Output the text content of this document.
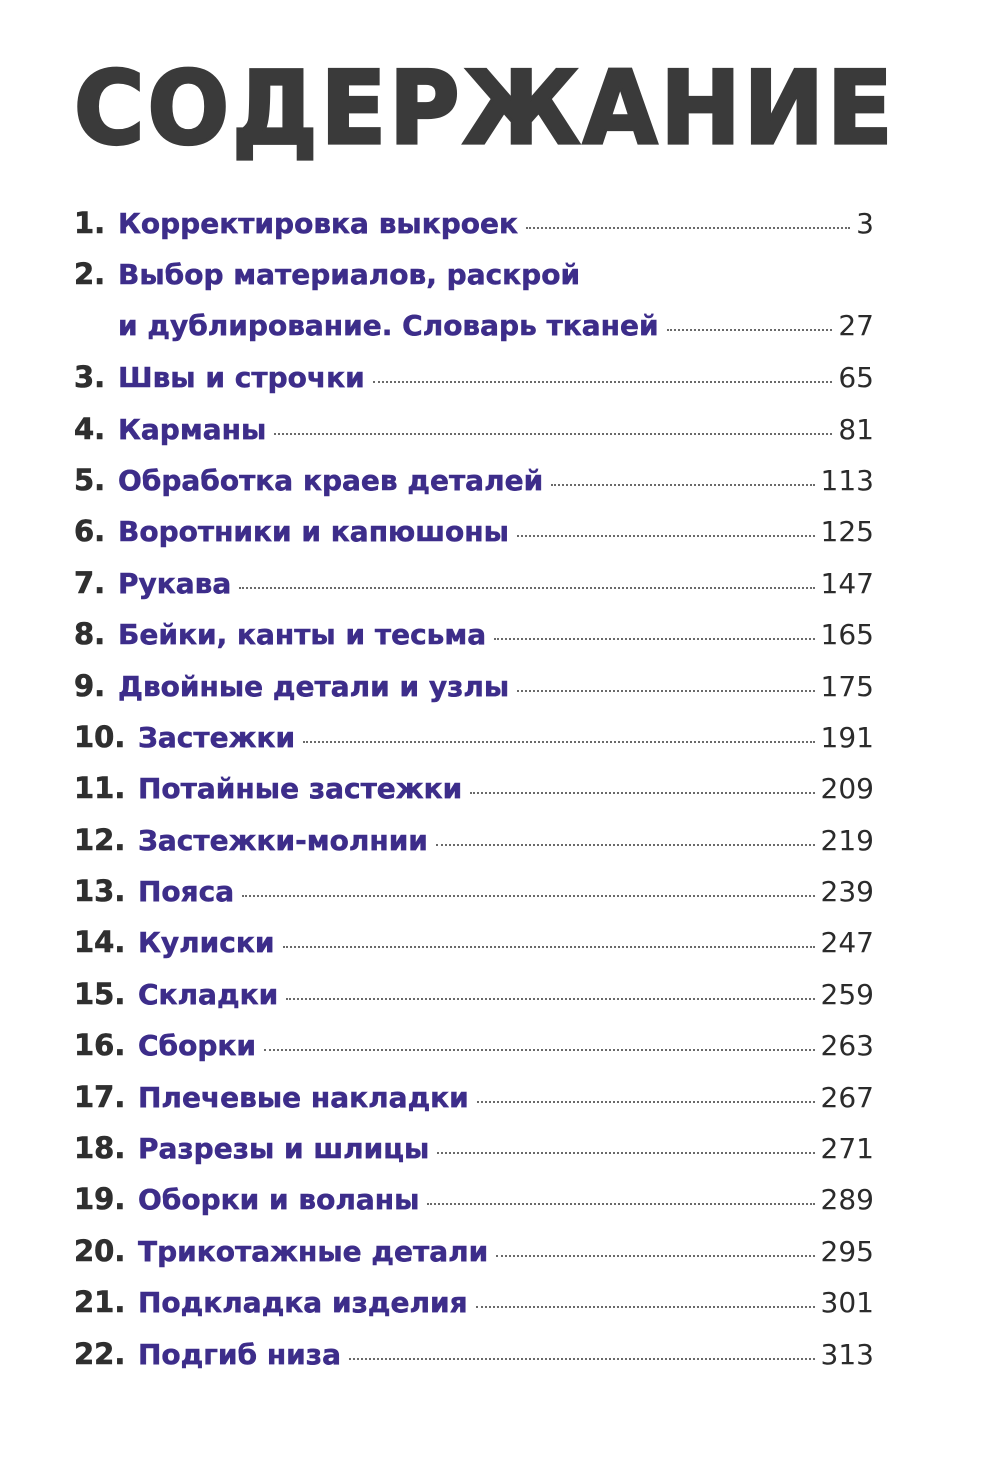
СОДЕРЖАНИЕ
1. Корректировка выкроек	3
2. Выбор материалов, раскрой
и дублирование. Словарь тканей	27
3. Швы и строчки	65
4. Карманы	81
5. Обработка краев деталей	113
6. Воротники и капюшоны	125
7. Рукава	147
8. Бейки, канты и тесьма	165
9. Двойные детали и узлы	175
10. Застежки	191
11. Потайные застежки	209
12. Застежки-молнии	219
13. Пояса	239
14. Кулиски	247
15. Складки	259
16. Сборки	263
17. Плечевые накладки	267
18. Разрезы и шлицы	271
19. Оборки и воланы	289
20. Трикотажные детали	295
21. Подкладка изделия	301
22. Подгиб низа	313
